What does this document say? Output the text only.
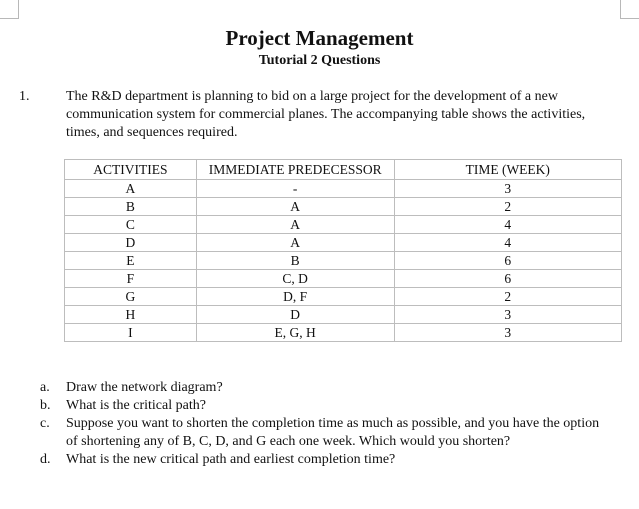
Project Management
Tutorial 2 Questions
1.	The R&D department is planning to bid on a large project for the development of a new communication system for commercial planes. The accompanying table shows the activities, times, and sequences required.
ACTIVITIES	IMMEDIATE PREDECESSOR	TIME (WEEK)
A	-	3
B	A	2
C	A	4
D	A	4
E	B	6
F	C, D	6
G	D, F	2
H	D	3
I	E, G, H	3
a. Draw the network diagram?
b. What is the critical path?
c. Suppose you want to shorten the completion time as much as possible, and you have the option of shortening any of B, C, D, and G each one week. Which would you shorten?
d. What is the new critical path and earliest completion time?
